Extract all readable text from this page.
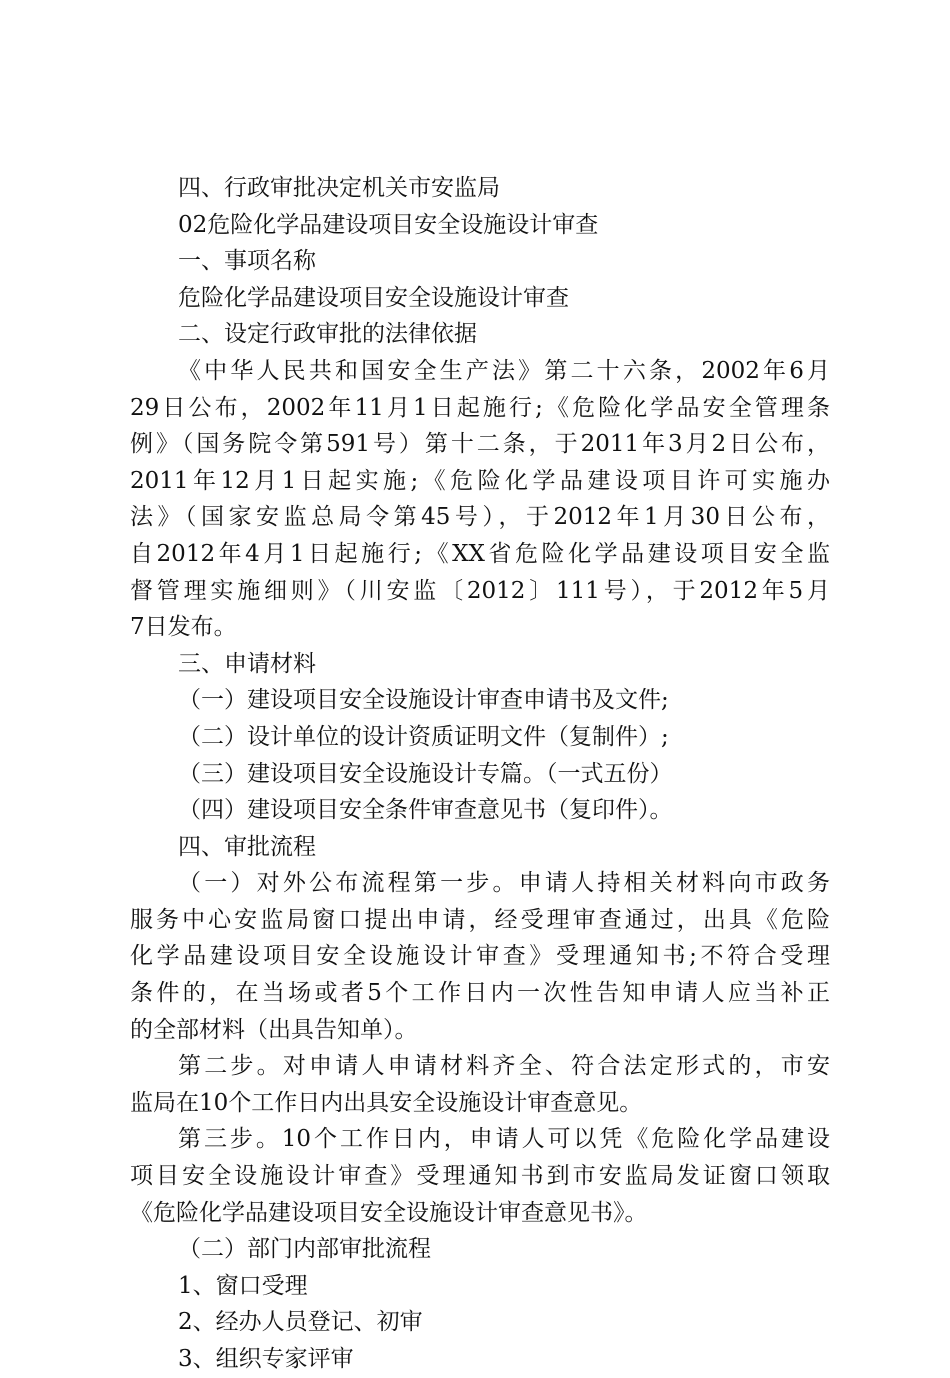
四、行政审批决定机关市安监局

02危险化学品建设项目安全设施设计审查

一、事项名称

危险化学品建设项目安全设施设计审查

二、设定行政审批的法律依据

《中华人民共和国安全生产法》第二十六条，2002年6月

29日公布，2002年11月1日起施行;《危险化学品安全管理条

例》（国务院令第591号）第十二条，于2011年3月2日公布，

2011年12月1日起实施;《危险化学品建设项目许可实施办

法》（国家安监总局令第45号），于2012年1月30日公布，

自2012年4月1日起施行;《XX省危险化学品建设项目安全监

督管理实施细则》（川安监〔2012〕111号），于2012年5月

7日发布。

三、申请材料

（一）建设项目安全设施设计审查申请书及文件;

（二）设计单位的设计资质证明文件（复制件）;

（三）建设项目安全设施设计专篇。（一式五份）

（四）建设项目安全条件审查意见书（复印件）。

四、审批流程

（一）对外公布流程第一步。申请人持相关材料向市政务

服务中心安监局窗口提出申请，经受理审查通过，出具《危险

化学品建设项目安全设施设计审查》受理通知书;不符合受理

条件的，在当场或者5个工作日内一次性告知申请人应当补正

的全部材料（出具告知单）。

第二步。对申请人申请材料齐全、符合法定形式的，市安

监局在10个工作日内出具安全设施设计审查意见。

第三步。10个工作日内，申请人可以凭《危险化学品建设

项目安全设施设计审查》受理通知书到市安监局发证窗口领取

《危险化学品建设项目安全设施设计审查意见书》。

（二）部门内部审批流程

1、窗口受理

2、经办人员登记、初审

3、组织专家评审
